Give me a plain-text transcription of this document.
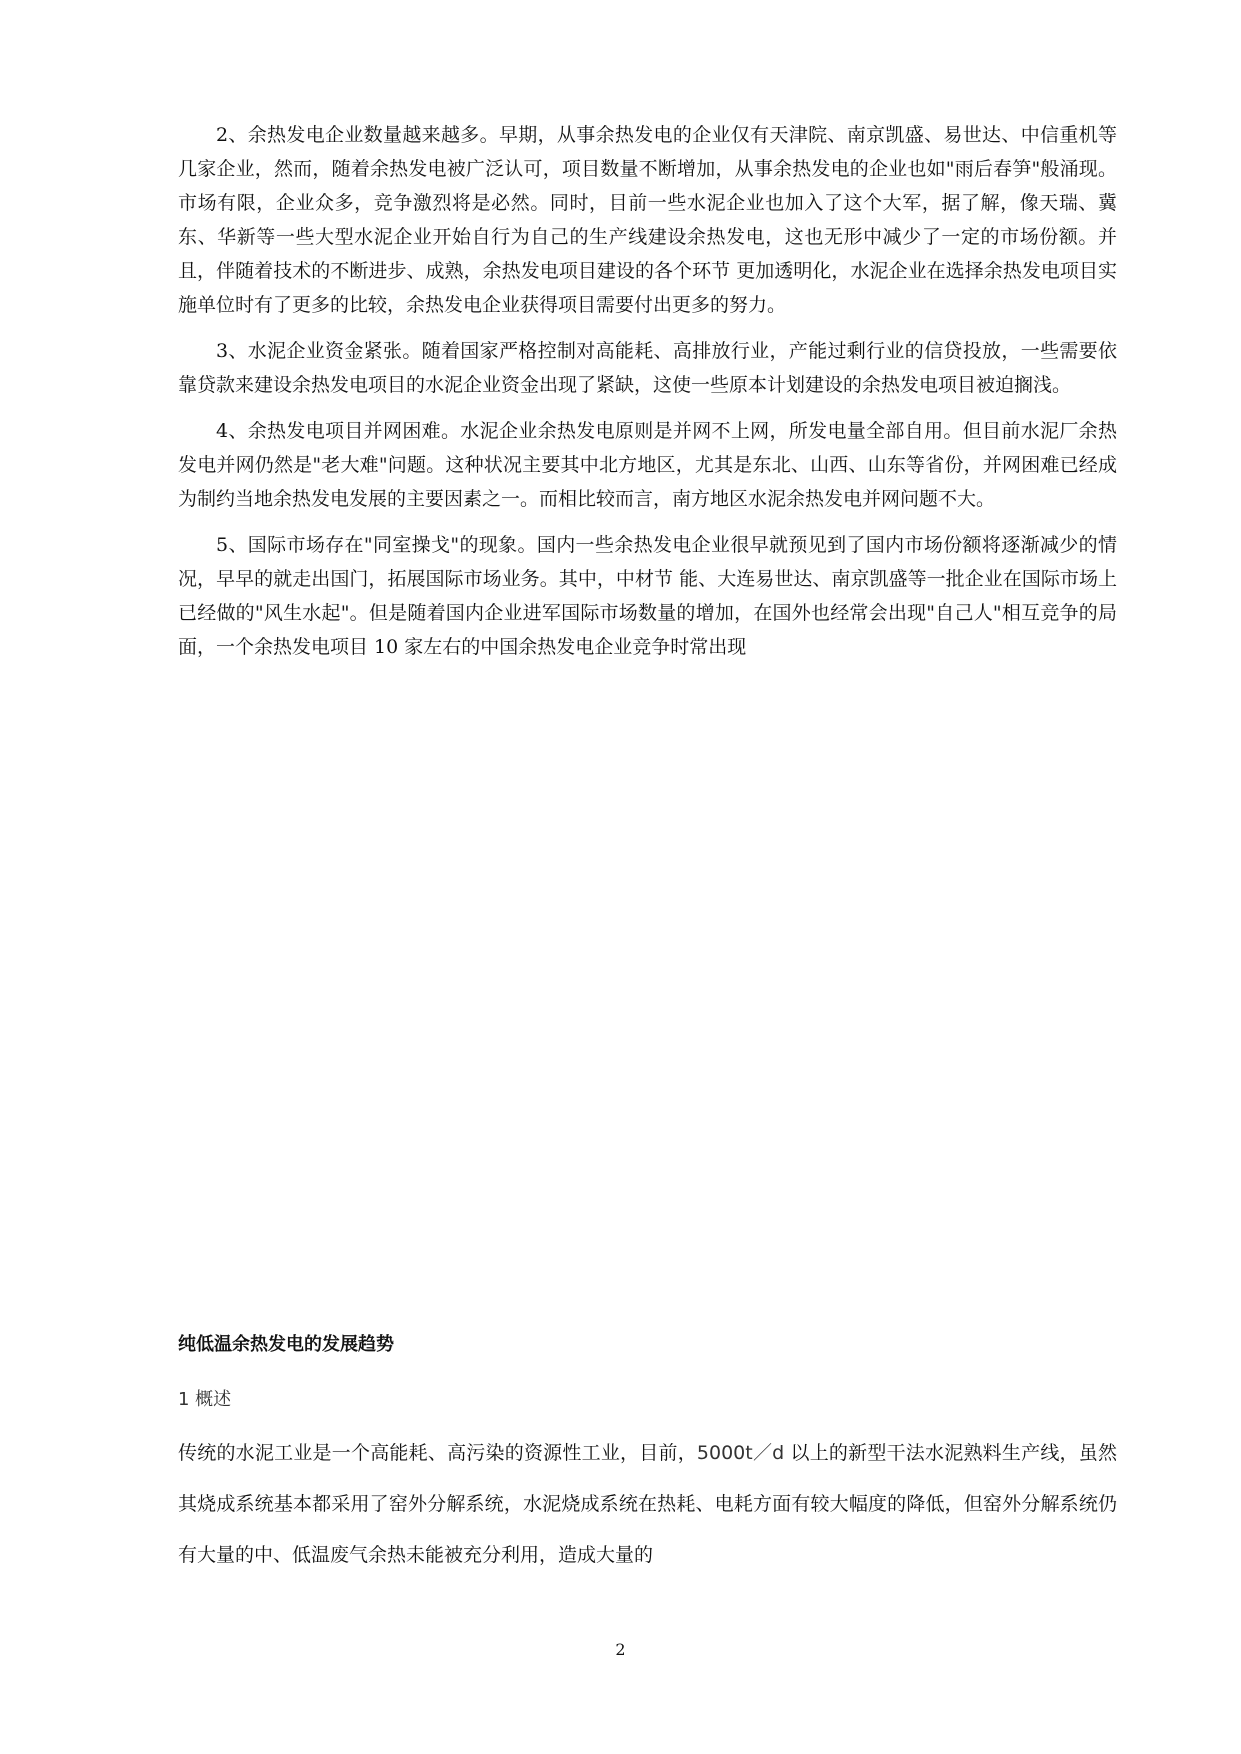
2、余热发电企业数量越来越多。早期，从事余热发电的企业仅有天津院、南京凯盛、易世达、中信重机等几家企业，然而，随着余热发电被广泛认可，项目数量不断增加，从事余热发电的企业也如"雨后春笋"般涌现。市场有限，企业众多，竞争激烈将是必然。同时，目前一些水泥企业也加入了这个大军，据了解，像天瑞、冀东、华新等一些大型水泥企业开始自行为自己的生产线建设余热发电，这也无形中减少了一定的市场份额。并且，伴随着技术的不断进步、成熟，余热发电项目建设的各个环节 更加透明化，水泥企业在选择余热发电项目实施单位时有了更多的比较，余热发电企业获得项目需要付出更多的努力。

3、水泥企业资金紧张。随着国家严格控制对高能耗、高排放行业，产能过剩行业的信贷投放，一些需要依靠贷款来建设余热发电项目的水泥企业资金出现了紧缺，这使一些原本计划建设的余热发电项目被迫搁浅。

4、余热发电项目并网困难。水泥企业余热发电原则是并网不上网，所发电量全部自用。但目前水泥厂余热发电并网仍然是"老大难"问题。这种状况主要其中北方地区，尤其是东北、山西、山东等省份，并网困难已经成为制约当地余热发电发展的主要因素之一。而相比较而言，南方地区水泥余热发电并网问题不大。

5、国际市场存在"同室操戈"的现象。国内一些余热发电企业很早就预见到了国内市场份额将逐渐减少的情况，早早的就走出国门，拓展国际市场业务。其中，中材节 能、大连易世达、南京凯盛等一批企业在国际市场上已经做的"风生水起"。但是随着国内企业进军国际市场数量的增加，在国外也经常会出现"自己人"相互竞争的局面，一个余热发电项目 10 家左右的中国余热发电企业竞争时常出现

纯低温余热发电的发展趋势

1 概述

传统的水泥工业是一个高能耗、高污染的资源性工业，目前，5000t／d 以上的新型干法水泥熟料生产线，虽然其烧成系统基本都采用了窑外分解系统，水泥烧成系统在热耗、电耗方面有较大幅度的降低，但窑外分解系统仍有大量的中、低温废气余热未能被充分利用，造成大量的

2
